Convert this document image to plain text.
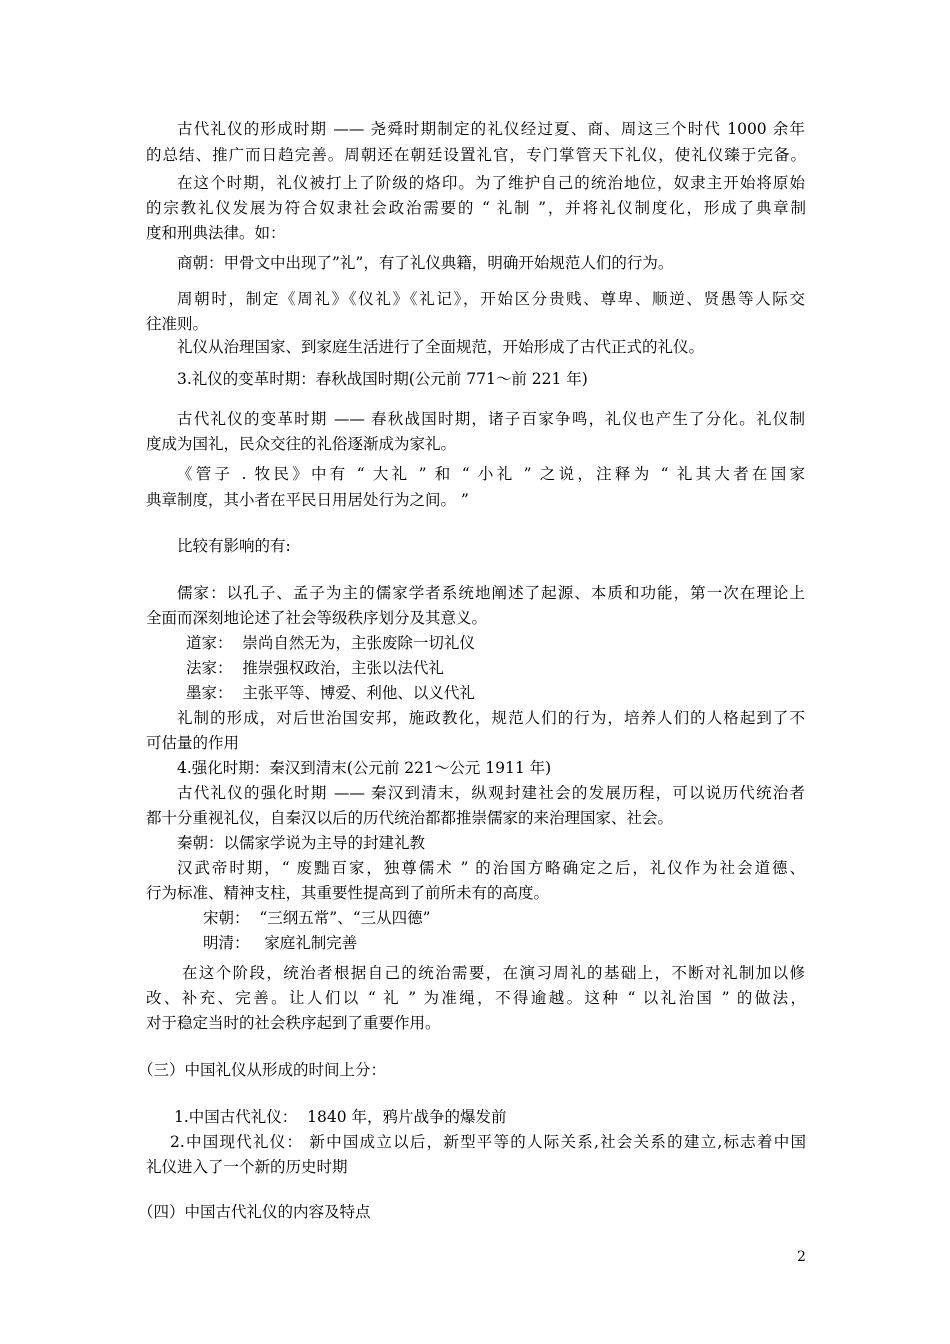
古代礼仪的形成时期 —— 尧舜时期制定的礼仪经过夏、商、周这三个时代 1000 余年
的总结、推广而日趋完善。周朝还在朝廷设置礼官，专门掌管天下礼仪，使礼仪臻于完备。
在这个时期，礼仪被打上了阶级的烙印。为了维护自己的统治地位，奴隶主开始将原始
的宗教礼仪发展为符合奴隶社会政治需要的 “ 礼制 ”，并将礼仪制度化，形成了典章制
度和刑典法律。如：
商朝：甲骨文中出现了”礼”，有了礼仪典籍，明确开始规范人们的行为。
周朝时，制定《周礼》《仪礼》《礼记》，开始区分贵贱、尊卑、顺逆、贤愚等人际交
往准则。
礼仪从治理国家、到家庭生活进行了全面规范，开始形成了古代正式的礼仪。
3.礼仪的变革时期：春秋战国时期(公元前 771～前 221 年)
古代礼仪的变革时期 —— 春秋战国时期，诸子百家争鸣，礼仪也产生了分化。礼仪制
度成为国礼，民众交往的礼俗逐渐成为家礼。
《管子 . 牧民》中有 “ 大礼 ” 和 “ 小礼 ” 之说，注释为 “ 礼其大者在国家
典章制度，其小者在平民日用居处行为之间。 ”
比较有影响的有:
儒家：以孔子、孟子为主的儒家学者系统地阐述了起源、本质和功能，第一次在理论上
全面而深刻地论述了社会等级秩序划分及其意义。
道家：  崇尚自然无为，主张废除一切礼仪
法家：  推崇强权政治，主张以法代礼
墨家：  主张平等、博爱、利他、以义代礼
礼制的形成，对后世治国安邦，施政教化，规范人们的行为，培养人们的人格起到了不
可估量的作用
4.强化时期：秦汉到清末(公元前 221～公元 1911 年)
古代礼仪的强化时期 —— 秦汉到清末，纵观封建社会的发展历程，可以说历代统治者
都十分重视礼仪，自秦汉以后的历代统治都都推崇儒家的来治理国家、社会。
秦朝：以儒家学说为主导的封建礼教
汉武帝时期，“ 废黜百家，独尊儒术 ” 的治国方略确定之后，礼仪作为社会道德、
行为标准、精神支柱，其重要性提高到了前所未有的高度。
宋朝：  “三纲五常”、“三从四德”
明清：   家庭礼制完善
在这个阶段，统治者根据自己的统治需要，在演习周礼的基础上，不断对礼制加以修
改、补充、完善。让人们以 “ 礼 ” 为准绳，不得逾越。这种 “ 以礼治国 ” 的做法，
对于稳定当时的社会秩序起到了重要作用。
（三）中国礼仪从形成的时间上分：
1.中国古代礼仪：  1840 年，鸦片战争的爆发前
2.中国现代礼仪： 新中国成立以后，新型平等的人际关系,社会关系的建立,标志着中国
礼仪进入了一个新的历史时期
（四）中国古代礼仪的内容及特点
2
